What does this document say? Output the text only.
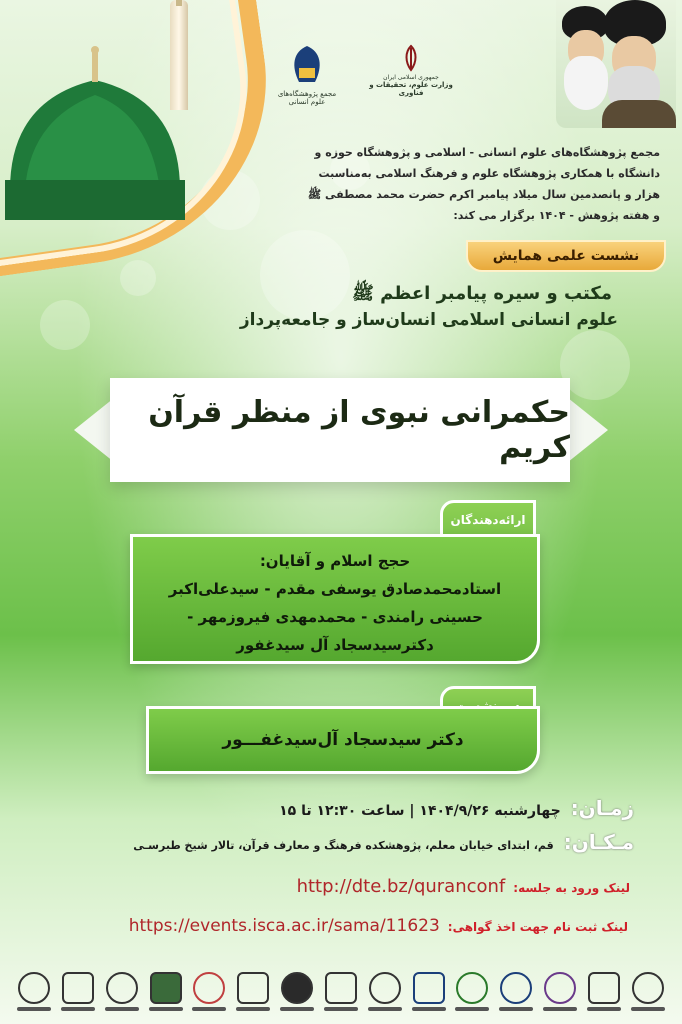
مجمع پژوهشگاه‌های علوم انسانی
جمهوری اسلامی ایران
وزارت علوم، تحقیقات و فناوری
مجمع پژوهشگاه‌های علوم انسانی - اسلامی و پژوهشگاه حوزه و
دانشگاه با همکاری پژوهشگاه علوم و فرهنگ اسلامی به‌مناسبت
هزار و پانصدمین سال میلاد پیامبر اکرم حضرت محمد مصطفی ﷺ
و هفته پژوهش - ۱۴۰۴ برگزار می کند:
نشست علمی همایش
مکتب و سیره پیامبر اعظم ﷺ
علوم انسانی اسلامی انسان‌ساز و جامعه‌پرداز
حکمرانی نبوی از منظر قرآن کریم
ارائه‌دهندگان
حجج اسلام و آقایان:
استادمحمدصادق یوسفی مقدم - سیدعلی‌اکبر
حسینی رامندی - محمدمهدی فیروزمهر -
دکترسیدسجاد آل سیدغفور
دکتر سیدسجاد آل‌سیدغفـــور
زمـان:
چهارشنبه ۱۴۰۴/۹/۲۶ | ساعت ۱۲:۳۰ تا ۱۵
مـکـان:
قم، ابتدای خیابان معلم، پژوهشکده فرهنگ و معارف قرآن، تالار شیخ طبرسـی
لینک ورود به جلسه:
http://dte.bz/quranconf
لینک ثبت نام جهت اخذ گواهی:
https://events.isca.ac.ir/sama/11623
